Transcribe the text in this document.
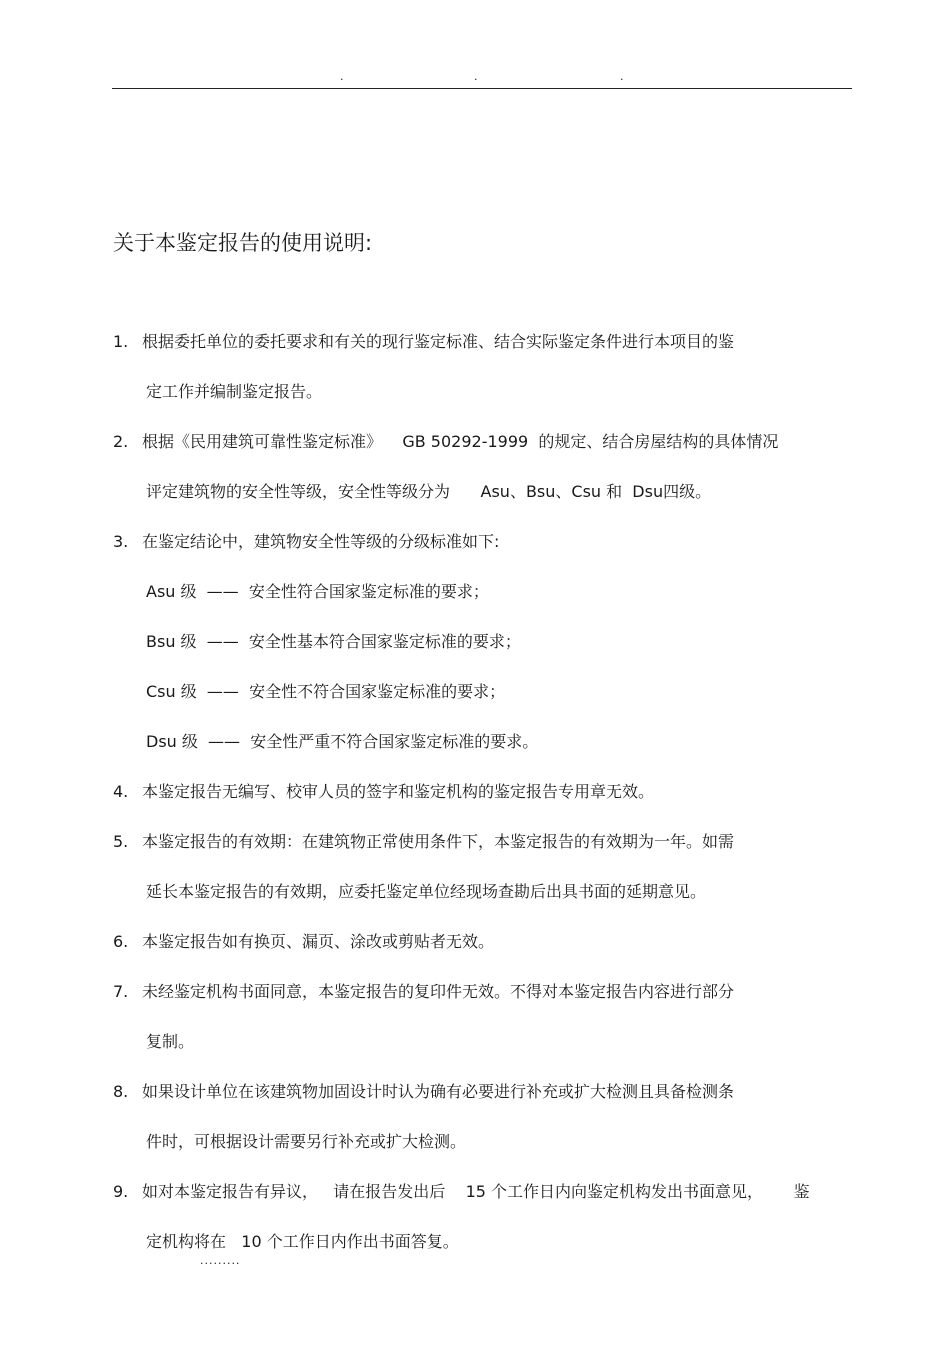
.	.	.
关于本鉴定报告的使用说明:
1. 根据委托单位的委托要求和有关的现行鉴定标准、结合实际鉴定条件进行本项目的鉴
定工作并编制鉴定报告。
2. 根据《民用建筑可靠性鉴定标准》    GB 50292-1999  的规定、结合房屋结构的具体情况
评定建筑物的安全性等级，安全性等级分为      Asu、Bsu、Csu 和  Dsu四级。
3. 在鉴定结论中，建筑物安全性等级的分级标准如下:
Asu 级  ——  安全性符合国家鉴定标准的要求；
Bsu 级  ——  安全性基本符合国家鉴定标准的要求；
Csu 级  ——  安全性不符合国家鉴定标准的要求；
Dsu 级  ——  安全性严重不符合国家鉴定标准的要求。
4. 本鉴定报告无编写、校审人员的签字和鉴定机构的鉴定报告专用章无效。
5. 本鉴定报告的有效期：在建筑物正常使用条件下，本鉴定报告的有效期为一年。如需
延长本鉴定报告的有效期，应委托鉴定单位经现场查勘后出具书面的延期意见。
6. 本鉴定报告如有换页、漏页、涂改或剪贴者无效。
7. 未经鉴定机构书面同意，本鉴定报告的复印件无效。不得对本鉴定报告内容进行部分
复制。
8. 如果设计单位在该建筑物加固设计时认为确有必要进行补充或扩大检测且具备检测条
件时，可根据设计需要另行补充或扩大检测。
9. 如对本鉴定报告有异议，   请在报告发出后    15 个工作日内向鉴定机构发出书面意见，      鉴
定机构将在   10 个工作日内作出书面答复。
.........
